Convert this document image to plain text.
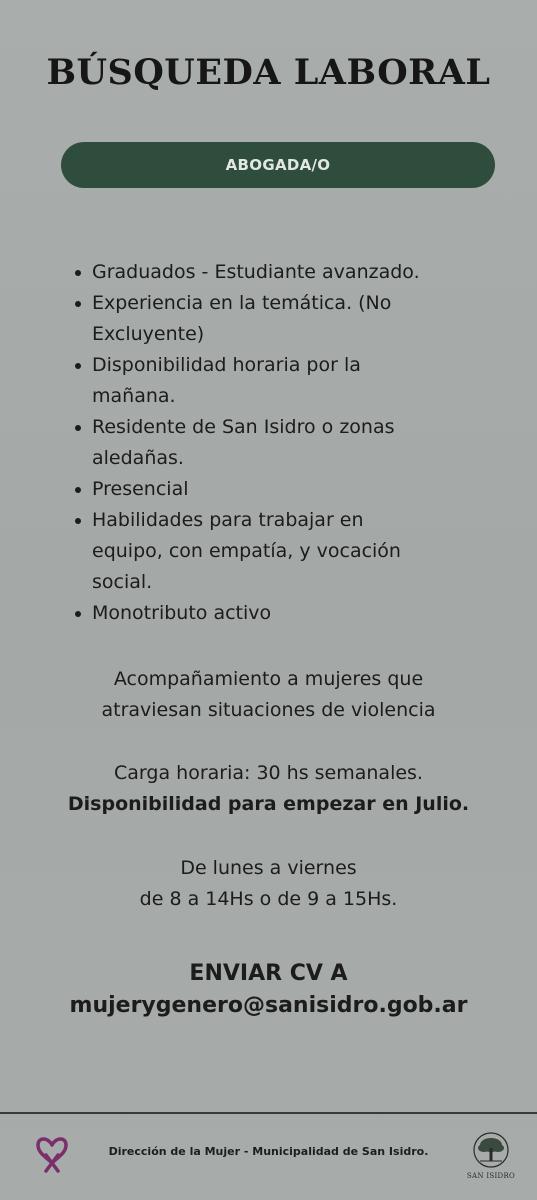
BÚSQUEDA LABORAL
ABOGADA/O
Graduados - Estudiante avanzado.
Experiencia en la temática. (No
Excluyente)
Disponibilidad horaria por la
mañana.
Residente de San Isidro o zonas
aledañas.
Presencial
Habilidades para trabajar en
equipo, con empatía, y vocación
social.
Monotributo activo
Acompañamiento a mujeres que
atraviesan situaciones de violencia
Carga horaria: 30 hs semanales.
Disponibilidad para empezar en Julio.
De lunes a viernes
de 8 a 14Hs o de 9 a 15Hs.
ENVIAR CV A
mujerygenero@sanisidro.gob.ar
Dirección de la Mujer - Municipalidad de San Isidro.
SAN ISIDRO
